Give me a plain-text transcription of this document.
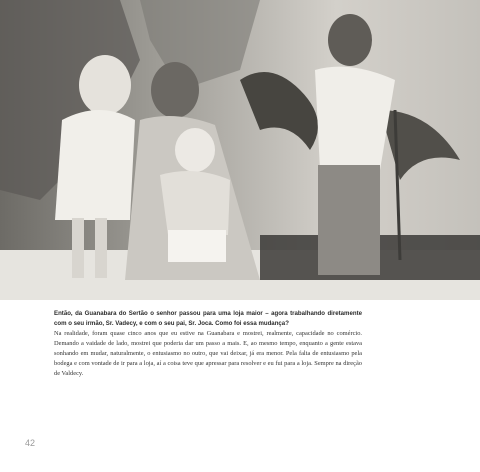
Então, da Guanabara do Sertão o senhor passou para uma loja maior – agora trabalhando diretamente com o seu irmão, Sr. Vadecy, e com o seu pai, Sr. Joca. Como foi essa mudança?

Na realidade, foram quase cinco anos que eu estive na Guanabara e mostrei, realmente, capacidade no comércio. Demando a vaidade de lado, mostrei que poderia dar um passo a mais. E, ao mesmo tempo, enquanto a gente estava sonhando em mudar, naturalmente, o entusiasmo no outro, que vai deixar, já era menor. Pela falta de entusiasmo pela bodega e com vontade de ir para a loja, aí a coisa teve que apressar para resolver e eu fui para a loja. Sempre na direção de Valdecy.

42
